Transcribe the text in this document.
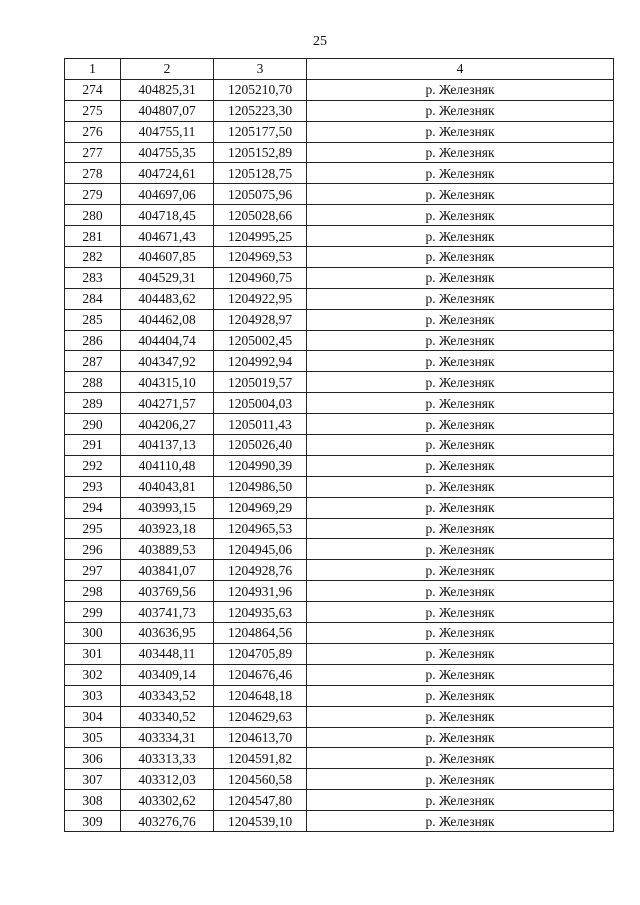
25
1	2	3	4
274	404825,31	1205210,70	р. Железняк
275	404807,07	1205223,30	р. Железняк
276	404755,11	1205177,50	р. Железняк
277	404755,35	1205152,89	р. Железняк
278	404724,61	1205128,75	р. Железняк
279	404697,06	1205075,96	р. Железняк
280	404718,45	1205028,66	р. Железняк
281	404671,43	1204995,25	р. Железняк
282	404607,85	1204969,53	р. Железняк
283	404529,31	1204960,75	р. Железняк
284	404483,62	1204922,95	р. Железняк
285	404462,08	1204928,97	р. Железняк
286	404404,74	1205002,45	р. Железняк
287	404347,92	1204992,94	р. Железняк
288	404315,10	1205019,57	р. Железняк
289	404271,57	1205004,03	р. Железняк
290	404206,27	1205011,43	р. Железняк
291	404137,13	1205026,40	р. Железняк
292	404110,48	1204990,39	р. Железняк
293	404043,81	1204986,50	р. Железняк
294	403993,15	1204969,29	р. Железняк
295	403923,18	1204965,53	р. Железняк
296	403889,53	1204945,06	р. Железняк
297	403841,07	1204928,76	р. Железняк
298	403769,56	1204931,96	р. Железняк
299	403741,73	1204935,63	р. Железняк
300	403636,95	1204864,56	р. Железняк
301	403448,11	1204705,89	р. Железняк
302	403409,14	1204676,46	р. Железняк
303	403343,52	1204648,18	р. Железняк
304	403340,52	1204629,63	р. Железняк
305	403334,31	1204613,70	р. Железняк
306	403313,33	1204591,82	р. Железняк
307	403312,03	1204560,58	р. Железняк
308	403302,62	1204547,80	р. Железняк
309	403276,76	1204539,10	р. Железняк
